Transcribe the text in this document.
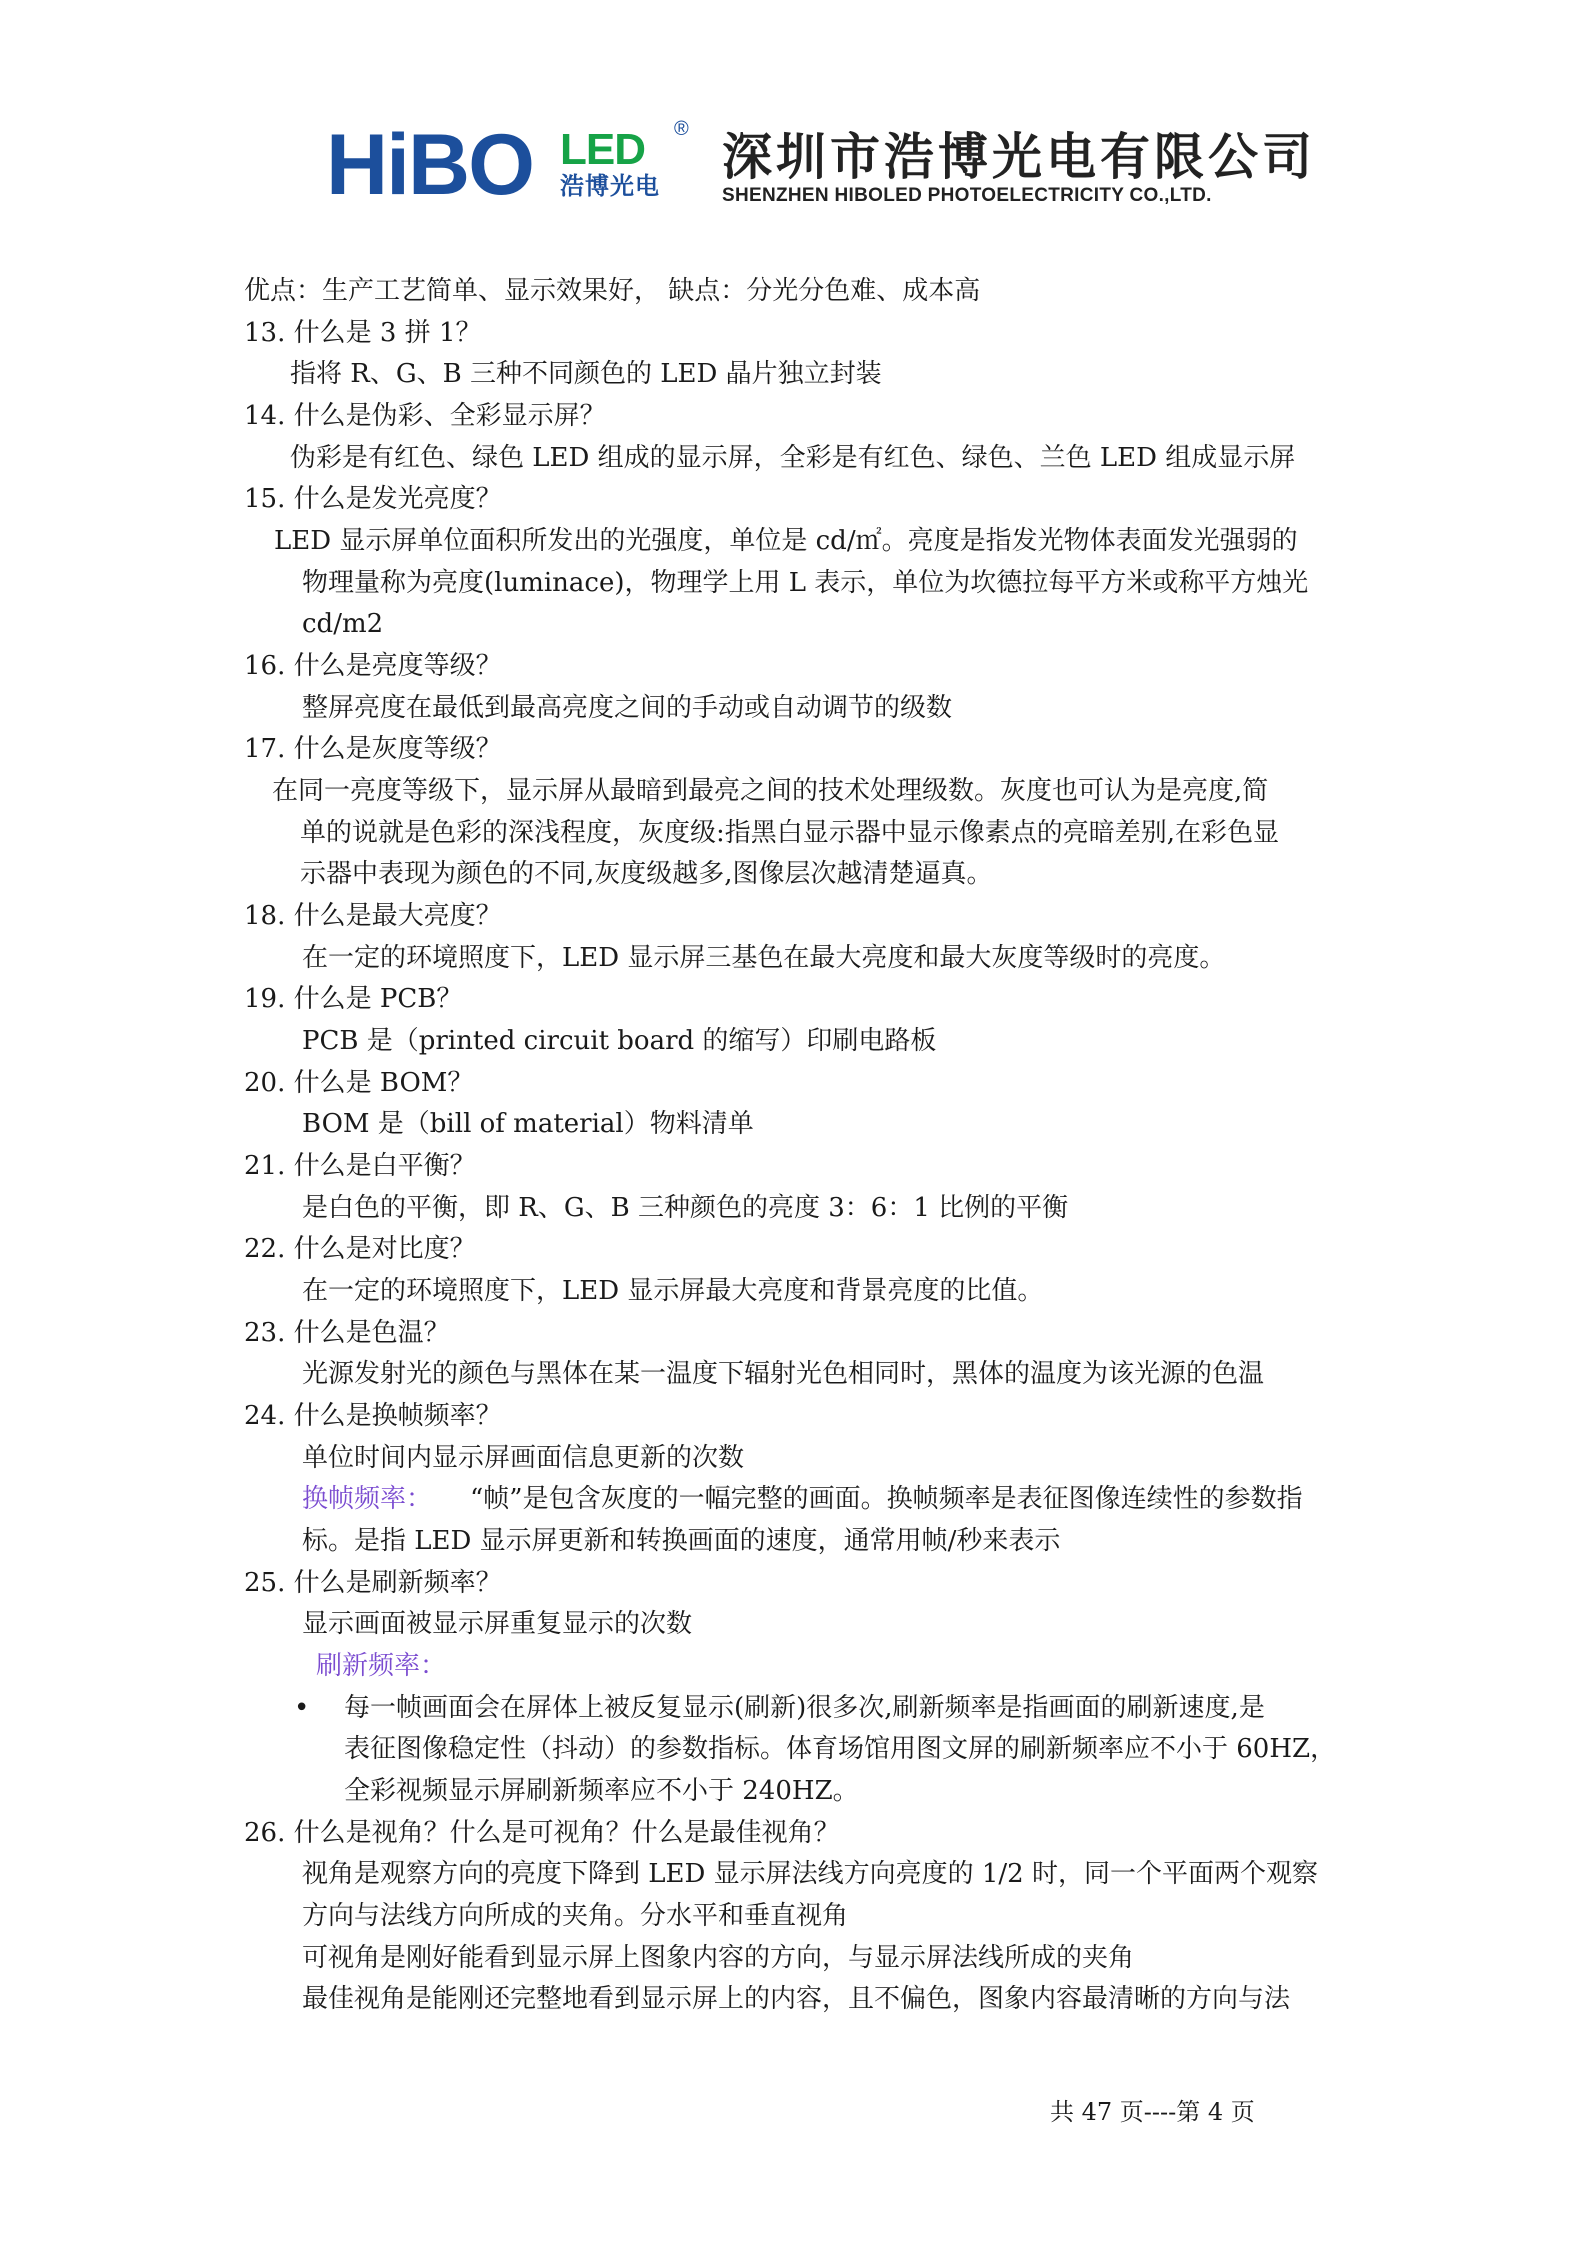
HiBO LED
浩博光电
® 深圳市浩博光电有限公司
SHENZHEN HIBOLED PHOTOELECTRICITY CO.,LTD.
优点：生产工艺简单、显示效果好， 缺点：分光分色难、成本高
13. 什么是 3 拼 1？
指将 R、G、B 三种不同颜色的 LED 晶片独立封装
14. 什么是伪彩、全彩显示屏？
伪彩是有红色、绿色 LED 组成的显示屏，全彩是有红色、绿色、兰色 LED 组成显示屏
15. 什么是发光亮度？
LED 显示屏单位面积所发出的光强度，单位是 cd/㎡。亮度是指发光物体表面发光强弱的
物理量称为亮度(luminace)，物理学上用 L 表示，单位为坎德拉每平方米或称平方烛光
cd/m2
16. 什么是亮度等级？
整屏亮度在最低到最高亮度之间的手动或自动调节的级数
17. 什么是灰度等级？
在同一亮度等级下，显示屏从最暗到最亮之间的技术处理级数。灰度也可认为是亮度,简
单的说就是色彩的深浅程度，灰度级:指黑白显示器中显示像素点的亮暗差别,在彩色显
示器中表现为颜色的不同,灰度级越多,图像层次越清楚逼真。
18. 什么是最大亮度？
在一定的环境照度下，LED 显示屏三基色在最大亮度和最大灰度等级时的亮度。
19. 什么是 PCB？
PCB 是（printed circuit board 的缩写）印刷电路板
20. 什么是 BOM？
BOM 是（bill of material）物料清单
21. 什么是白平衡？
是白色的平衡，即 R、G、B 三种颜色的亮度 3：6：1 比例的平衡
22. 什么是对比度？
在一定的环境照度下，LED 显示屏最大亮度和背景亮度的比值。
23. 什么是色温？
光源发射光的颜色与黑体在某一温度下辐射光色相同时，黑体的温度为该光源的色温
24. 什么是换帧频率？
单位时间内显示屏画面信息更新的次数
换帧频率： “帧”是包含灰度的一幅完整的画面。换帧频率是表征图像连续性的参数指
标。是指 LED 显示屏更新和转换画面的速度，通常用帧/秒来表示
25. 什么是刷新频率？
显示画面被显示屏重复显示的次数
刷新频率：
• 每一帧画面会在屏体上被反复显示(刷新)很多次,刷新频率是指画面的刷新速度,是
表征图像稳定性（抖动）的参数指标。体育场馆用图文屏的刷新频率应不小于 60HZ，
全彩视频显示屏刷新频率应不小于 240HZ。
26. 什么是视角？什么是可视角？什么是最佳视角？
视角是观察方向的亮度下降到 LED 显示屏法线方向亮度的 1/2 时，同一个平面两个观察
方向与法线方向所成的夹角。分水平和垂直视角
可视角是刚好能看到显示屏上图象内容的方向，与显示屏法线所成的夹角
最佳视角是能刚还完整地看到显示屏上的内容，且不偏色，图象内容最清晰的方向与法
共 47 页----第 4 页
